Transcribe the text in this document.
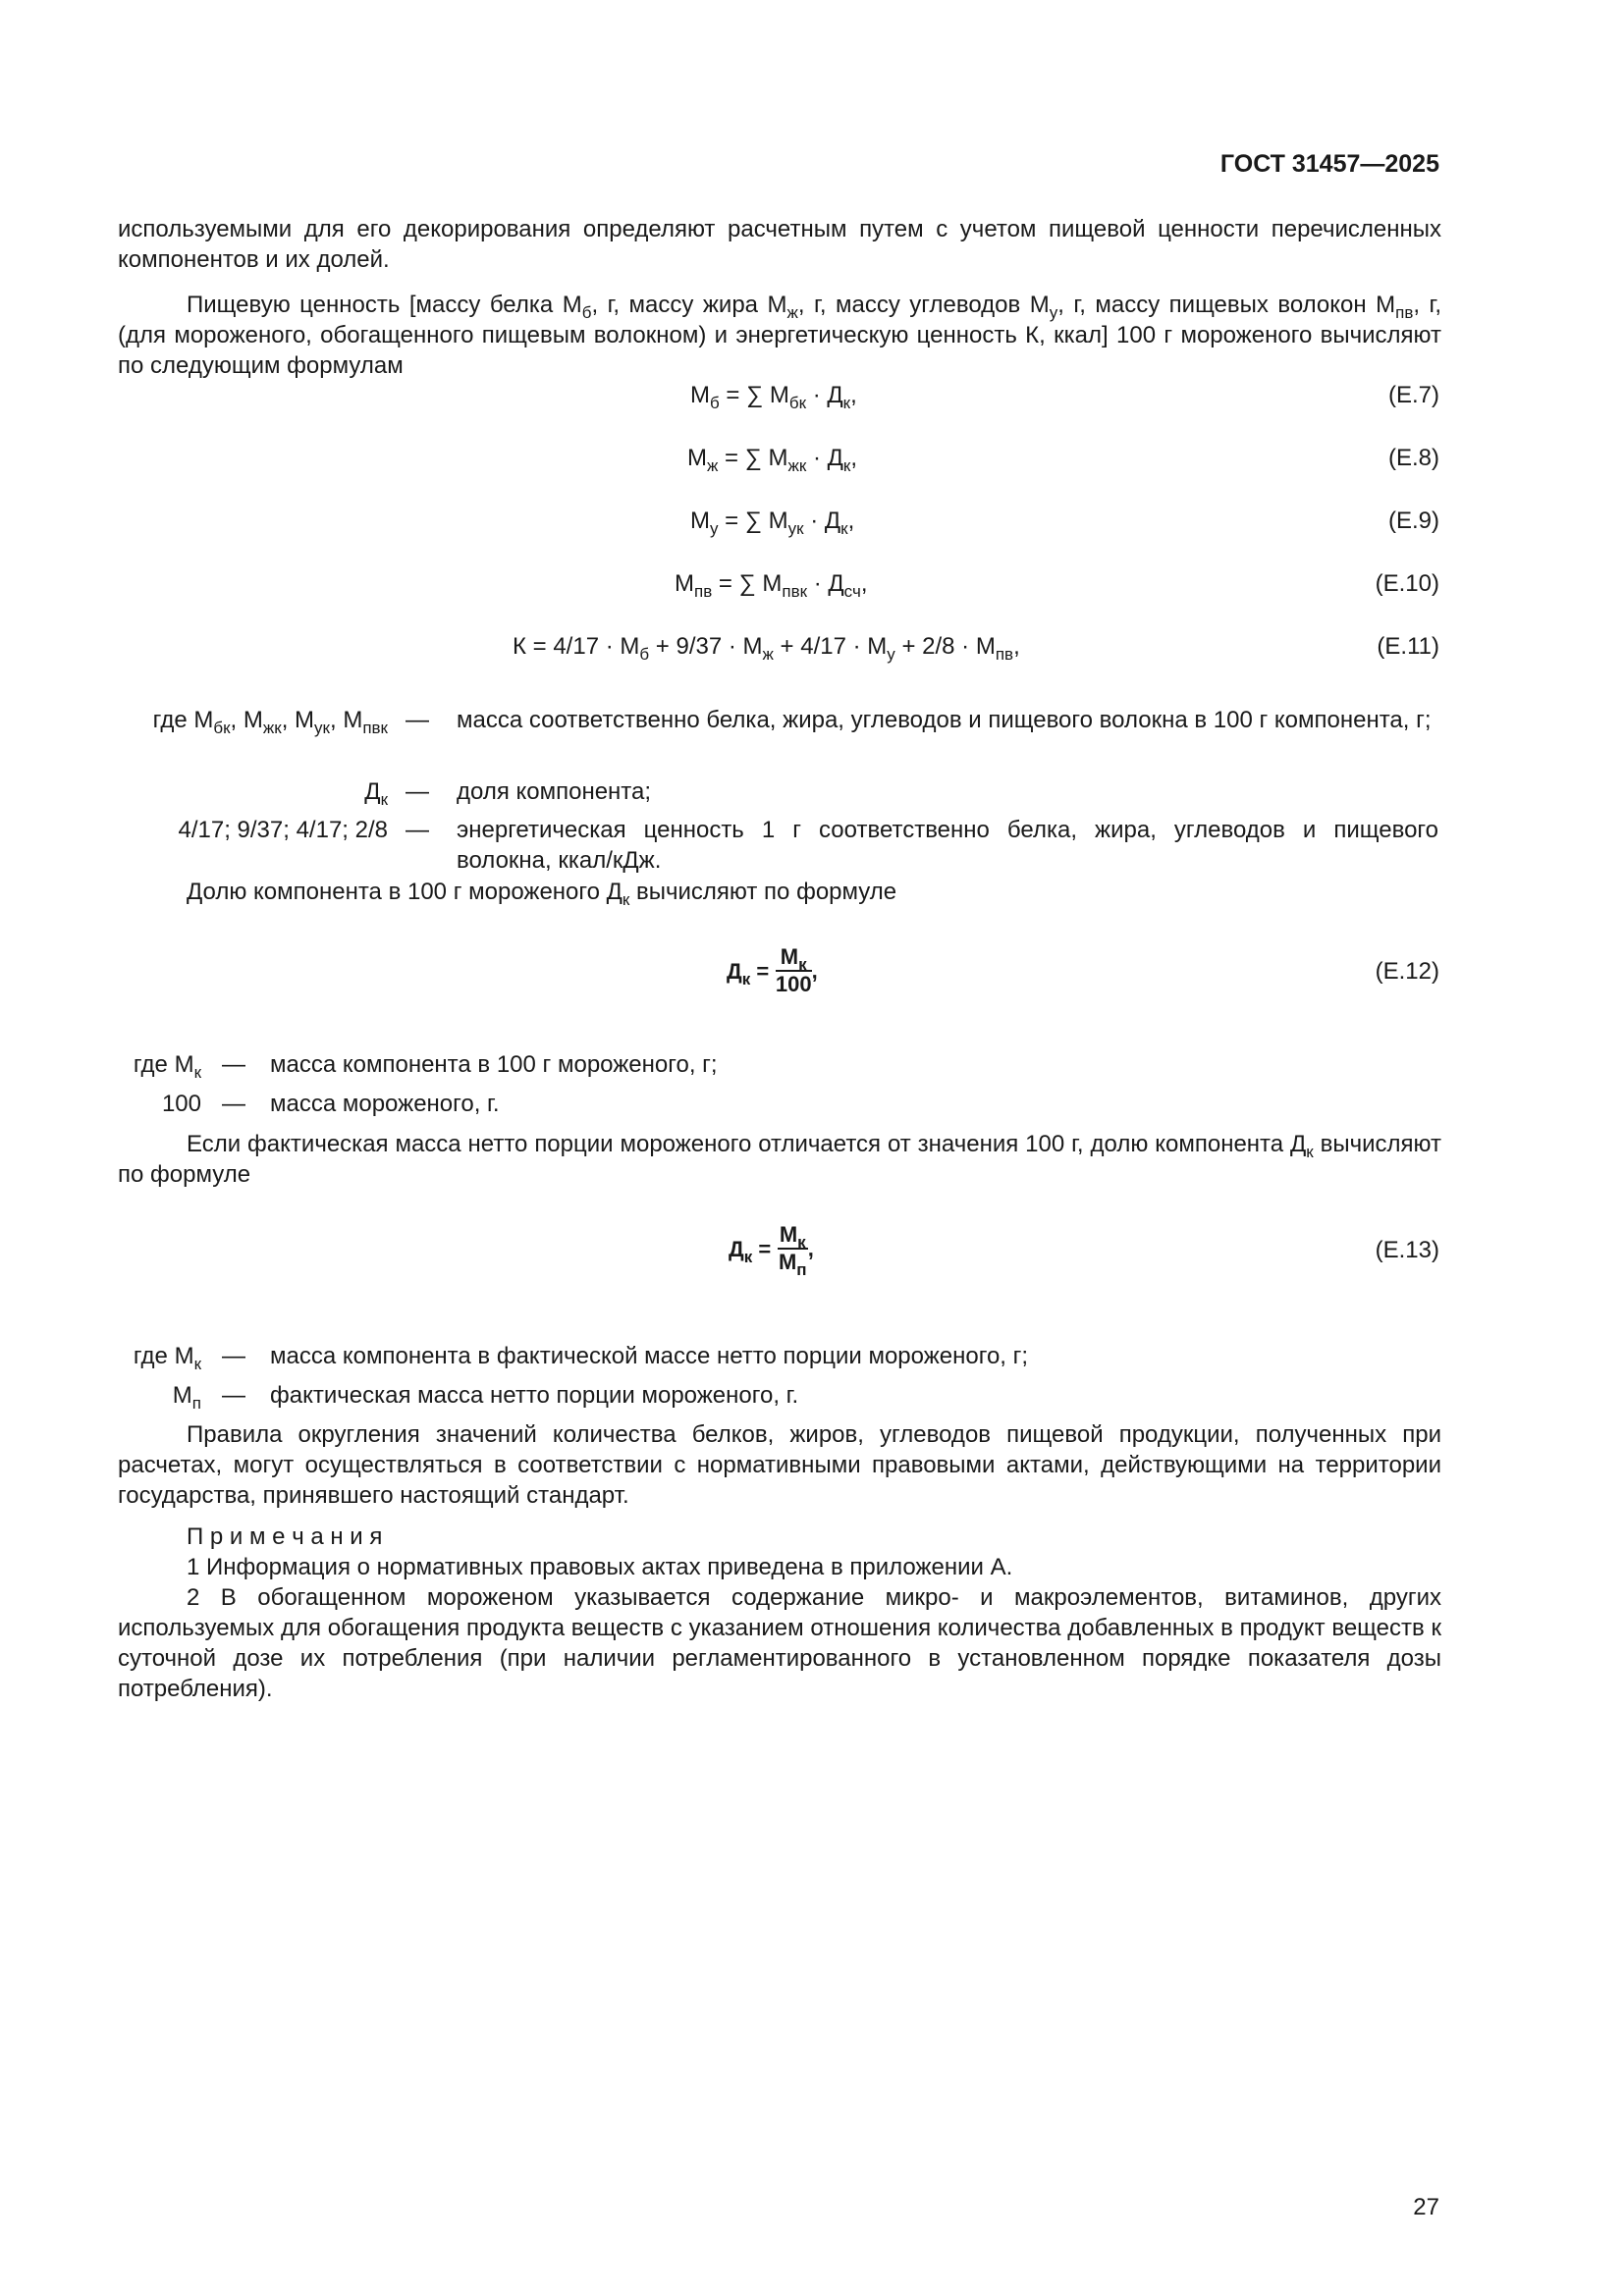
ГОСТ 31457—2025
используемыми для его декорирования определяют расчетным путем с учетом пищевой ценности перечисленных компонентов и их долей.
Пищевую ценность [массу белка $М_б$, г, массу жира $М_ж$, г, массу углеводов $М_у$, г, массу пищевых волокон $М_{пв}$, г, (для мороженого, обогащенного пищевым волокном) и энергетическую ценность К, ккал] 100 г мороженого вычисляют по следующим формулам
$М_б$ = ∑ $М_{бк} \cdot Д_к$,	(Е.7)
$М_ж$ = ∑ $М_{жк} \cdot Д_к$,	(Е.8)
$М_у$ = ∑ $М_{ук} \cdot Д_к$,	(Е.9)
$М_{пв}$ = ∑ $М_{пвк} \cdot Д_{сч}$,	(Е.10)
$К = 4/17 \cdot М_б + 9/37 \cdot М_ж + 4/17 \cdot М_у + 2/8 \cdot М_{пв}$,	(Е.11)
где $М_{бк}$, $М_{жк}$, $М_{ук}$, $М_{пвк}$ —	масса соответственно белка, жира, углеводов и пищевого волокна в 100 г компонента, г;
$Д_к$ —	доля компонента;
4/17; 9/37; 4/17; 2/8 —	энергетическая ценность 1 г соответственно белка, жира, углеводов и пищевого волокна, ккал/кДж.
Долю компонента в 100 г мороженого $Д_к$ вычисляют по формуле
$Д_к = \frac{М_к}{100}$ ,	(Е.12)
где $М_к$ —	масса компонента в 100 г мороженого, г;
100 —	масса мороженого, г.
Если фактическая масса нетто порции мороженого отличается от значения 100 г, долю компонента $Д_к$ вычисляют по формуле
$Д_к = \frac{М_к}{М_п}$ ,	(Е.13)
где $М_к$ —	масса компонента в фактической массе нетто порции мороженого, г;
$М_п$ —	фактическая масса нетто порции мороженого, г.
Правила округления значений количества белков, жиров, углеводов пищевой продукции, полученных при расчетах, могут осуществляться в соответствии с нормативными правовыми актами, действующими на территории государства, принявшего настоящий стандарт.
П р и м е ч а н и я
1 Информация о нормативных правовых актах приведена в приложении А.
2 В обогащенном мороженом указывается содержание микро- и макроэлементов, витаминов, других используемых для обогащения продукта веществ с указанием отношения количества добавленных в продукт веществ к суточной дозе их потребления (при наличии регламентированного в установленном порядке показателя дозы потребления).
27
